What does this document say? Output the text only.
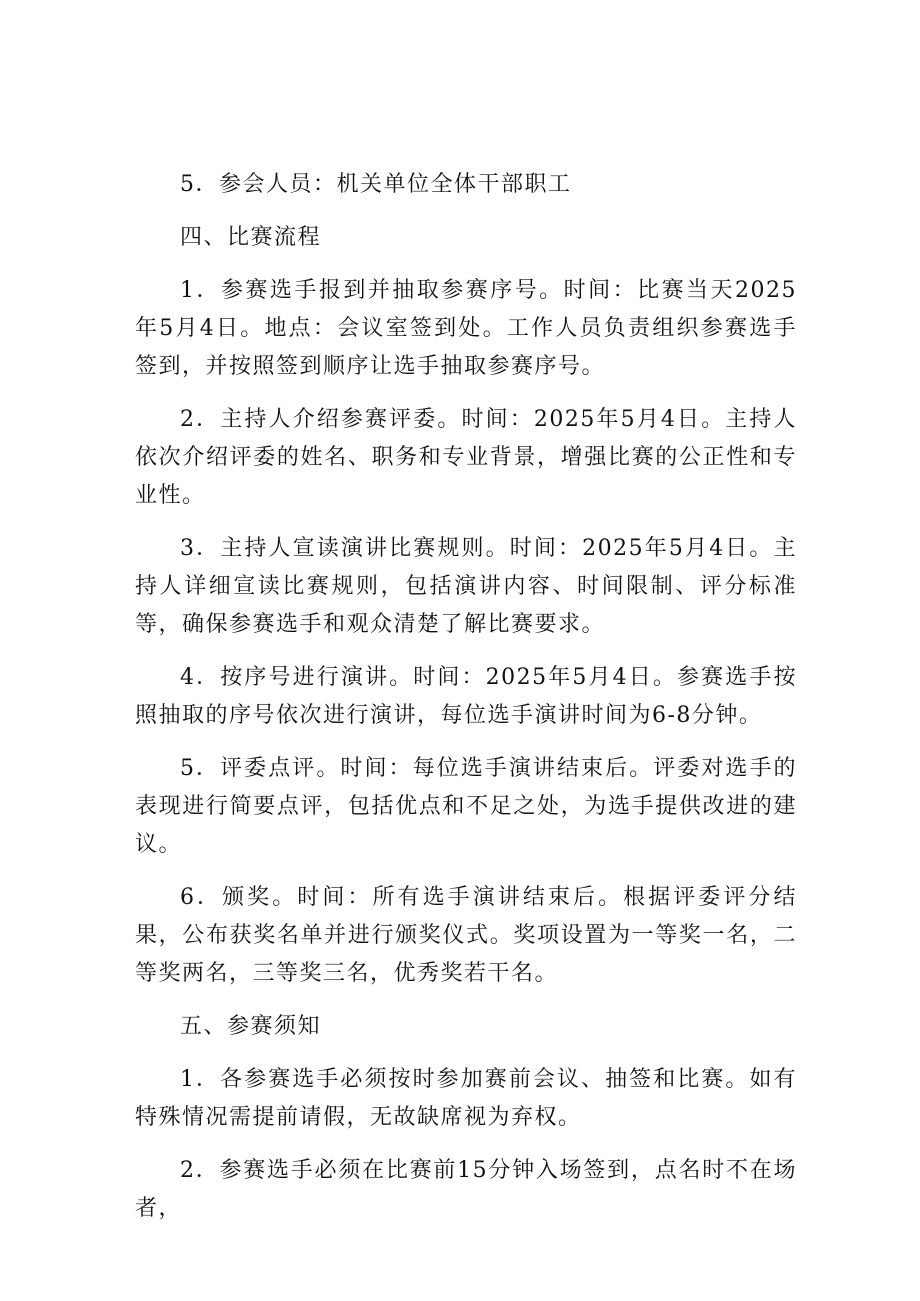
5．参会人员：机关单位全体干部职工

四、比赛流程

1．参赛选手报到并抽取参赛序号。时间：比赛当天2025年5月4日。地点：会议室签到处。工作人员负责组织参赛选手签到，并按照签到顺序让选手抽取参赛序号。

2．主持人介绍参赛评委。时间：2025年5月4日。主持人依次介绍评委的姓名、职务和专业背景，增强比赛的公正性和专业性。

3．主持人宣读演讲比赛规则。时间：2025年5月4日。主持人详细宣读比赛规则，包括演讲内容、时间限制、评分标准等，确保参赛选手和观众清楚了解比赛要求。

4．按序号进行演讲。时间：2025年5月4日。参赛选手按照抽取的序号依次进行演讲，每位选手演讲时间为6-8分钟。

5．评委点评。时间：每位选手演讲结束后。评委对选手的表现进行简要点评，包括优点和不足之处，为选手提供改进的建议。

6．颁奖。时间：所有选手演讲结束后。根据评委评分结果，公布获奖名单并进行颁奖仪式。奖项设置为一等奖一名，二等奖两名，三等奖三名，优秀奖若干名。

五、参赛须知

1．各参赛选手必须按时参加赛前会议、抽签和比赛。如有特殊情况需提前请假，无故缺席视为弃权。

2．参赛选手必须在比赛前15分钟入场签到，点名时不在场者，
